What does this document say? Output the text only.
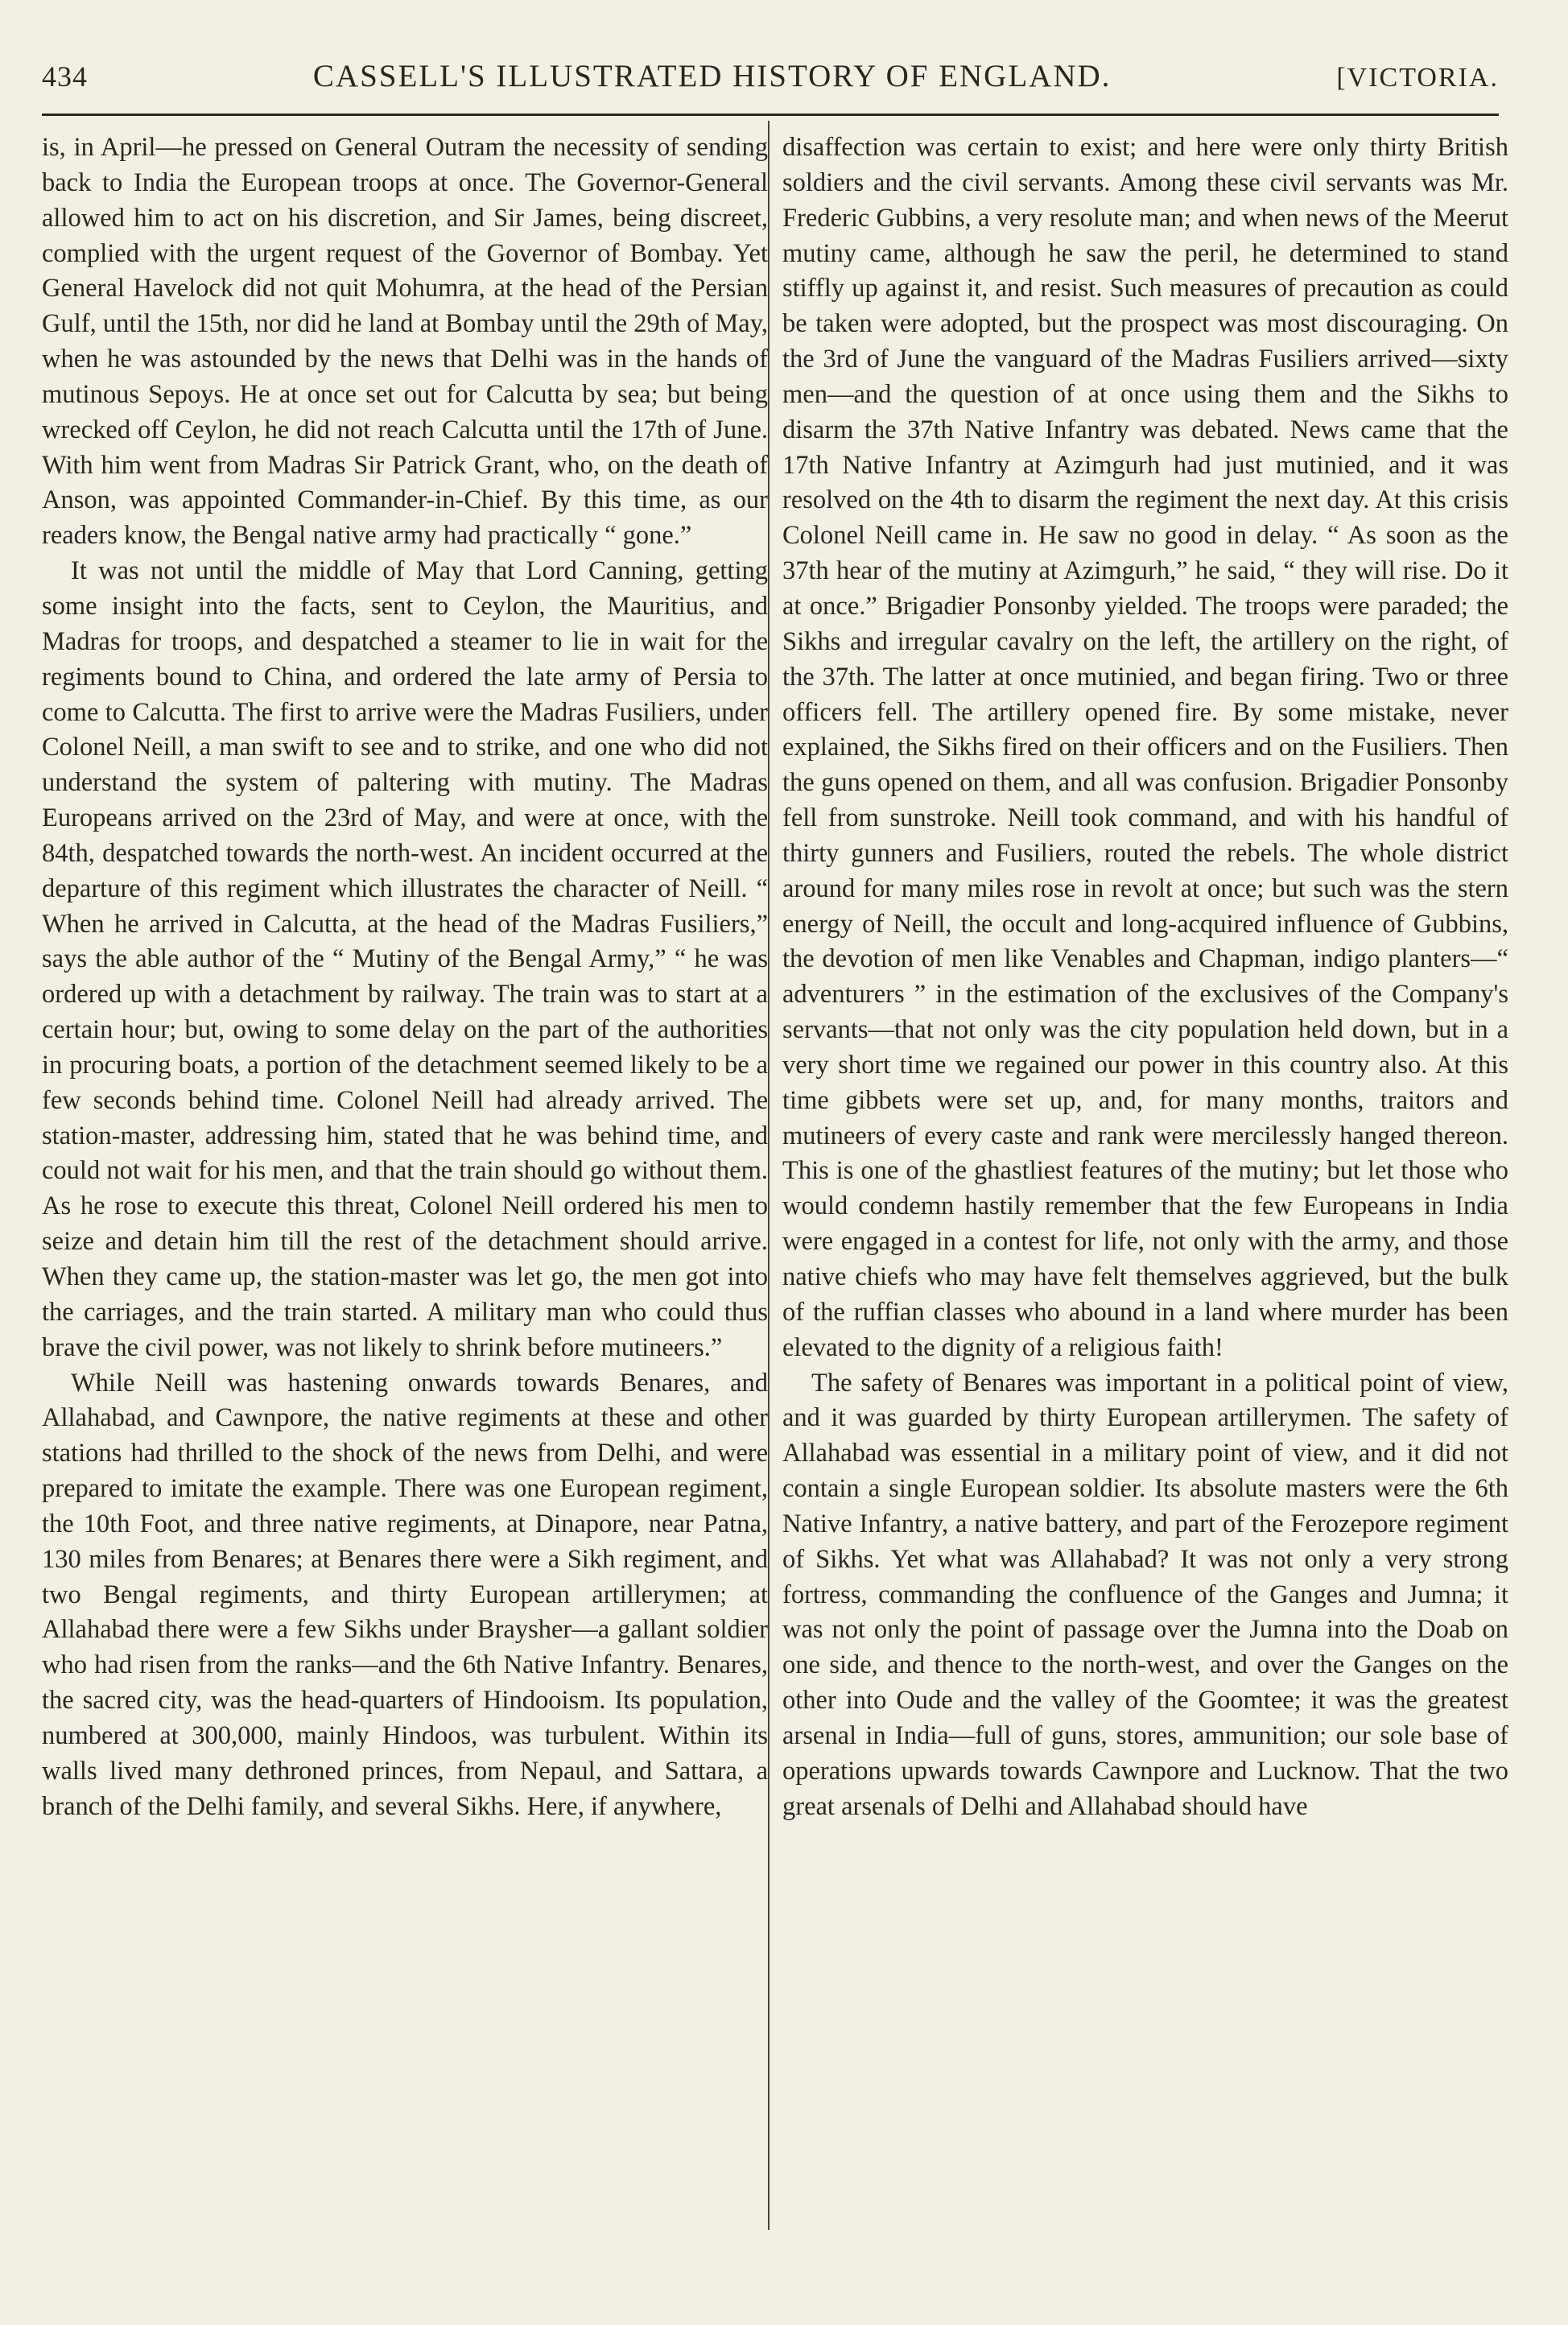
434	CASSELL'S ILLUSTRATED HISTORY OF ENGLAND.	[VICTORIA.

is, in April—he pressed on General Outram the necessity of sending back to India the European troops at once. The Governor-General allowed him to act on his discretion, and Sir James, being discreet, complied with the urgent request of the Governor of Bombay. Yet General Havelock did not quit Mohumra, at the head of the Persian Gulf, until the 15th, nor did he land at Bombay until the 29th of May, when he was astounded by the news that Delhi was in the hands of mutinous Sepoys. He at once set out for Calcutta by sea; but being wrecked off Ceylon, he did not reach Calcutta until the 17th of June. With him went from Madras Sir Patrick Grant, who, on the death of Anson, was appointed Commander-in-Chief. By this time, as our readers know, the Bengal native army had practically “ gone.”

It was not until the middle of May that Lord Canning, getting some insight into the facts, sent to Ceylon, the Mauritius, and Madras for troops, and despatched a steamer to lie in wait for the regiments bound to China, and ordered the late army of Persia to come to Calcutta. The first to arrive were the Madras Fusiliers, under Colonel Neill, a man swift to see and to strike, and one who did not understand the system of paltering with mutiny. The Madras Europeans arrived on the 23rd of May, and were at once, with the 84th, despatched towards the north-west. An incident occurred at the departure of this regiment which illustrates the character of Neill. “ When he arrived in Calcutta, at the head of the Madras Fusiliers,” says the able author of the “ Mutiny of the Bengal Army,” “ he was ordered up with a detachment by railway. The train was to start at a certain hour; but, owing to some delay on the part of the authorities in procuring boats, a portion of the detachment seemed likely to be a few seconds behind time. Colonel Neill had already arrived. The station-master, addressing him, stated that he was behind time, and could not wait for his men, and that the train should go without them. As he rose to execute this threat, Colonel Neill ordered his men to seize and detain him till the rest of the detachment should arrive. When they came up, the station-master was let go, the men got into the carriages, and the train started. A military man who could thus brave the civil power, was not likely to shrink before mutineers.”

While Neill was hastening onwards towards Benares, and Allahabad, and Cawnpore, the native regiments at these and other stations had thrilled to the shock of the news from Delhi, and were prepared to imitate the example. There was one European regiment, the 10th Foot, and three native regiments, at Dinapore, near Patna, 130 miles from Benares; at Benares there were a Sikh regiment, and two Bengal regiments, and thirty European artillerymen; at Allahabad there were a few Sikhs under Braysher—a gallant soldier who had risen from the ranks—and the 6th Native Infantry. Benares, the sacred city, was the head-quarters of Hindooism. Its population, numbered at 300,000, mainly Hindoos, was turbulent. Within its walls lived many dethroned princes, from Nepaul, and Sattara, a branch of the Delhi family, and several Sikhs. Here, if anywhere,

disaffection was certain to exist; and here were only thirty British soldiers and the civil servants. Among these civil servants was Mr. Frederic Gubbins, a very resolute man; and when news of the Meerut mutiny came, although he saw the peril, he determined to stand stiffly up against it, and resist. Such measures of precaution as could be taken were adopted, but the prospect was most discouraging. On the 3rd of June the vanguard of the Madras Fusiliers arrived—sixty men—and the question of at once using them and the Sikhs to disarm the 37th Native Infantry was debated. News came that the 17th Native Infantry at Azimgurh had just mutinied, and it was resolved on the 4th to disarm the regiment the next day. At this crisis Colonel Neill came in. He saw no good in delay. “ As soon as the 37th hear of the mutiny at Azimgurh,” he said, “ they will rise. Do it at once.” Brigadier Ponsonby yielded. The troops were paraded; the Sikhs and irregular cavalry on the left, the artillery on the right, of the 37th. The latter at once mutinied, and began firing. Two or three officers fell. The artillery opened fire. By some mistake, never explained, the Sikhs fired on their officers and on the Fusiliers. Then the guns opened on them, and all was confusion. Brigadier Ponsonby fell from sunstroke. Neill took command, and with his handful of thirty gunners and Fusiliers, routed the rebels. The whole district around for many miles rose in revolt at once; but such was the stern energy of Neill, the occult and long-acquired influence of Gubbins, the devotion of men like Venables and Chapman, indigo planters—“ adventurers ” in the estimation of the exclusives of the Company's servants—that not only was the city population held down, but in a very short time we regained our power in this country also. At this time gibbets were set up, and, for many months, traitors and mutineers of every caste and rank were mercilessly hanged thereon. This is one of the ghastliest features of the mutiny; but let those who would condemn hastily remember that the few Europeans in India were engaged in a contest for life, not only with the army, and those native chiefs who may have felt themselves aggrieved, but the bulk of the ruffian classes who abound in a land where murder has been elevated to the dignity of a religious faith!

The safety of Benares was important in a political point of view, and it was guarded by thirty European artillerymen. The safety of Allahabad was essential in a military point of view, and it did not contain a single European soldier. Its absolute masters were the 6th Native Infantry, a native battery, and part of the Ferozepore regiment of Sikhs. Yet what was Allahabad? It was not only a very strong fortress, commanding the confluence of the Ganges and Jumna; it was not only the point of passage over the Jumna into the Doab on one side, and thence to the north-west, and over the Ganges on the other into Oude and the valley of the Goomtee; it was the greatest arsenal in India—full of guns, stores, ammunition; our sole base of operations upwards towards Cawnpore and Lucknow. That the two great arsenals of Delhi and Allahabad should have
